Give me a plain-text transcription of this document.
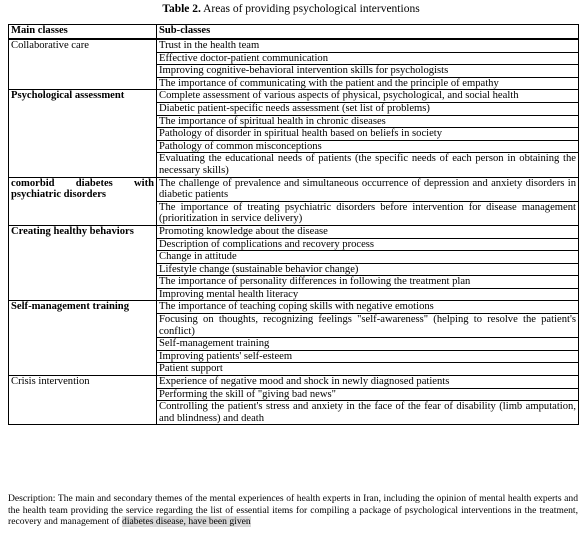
Table 2. Areas of providing psychological interventions
Main classes	Sub-classes
Collaborative care	Trust in the health team
	Effective doctor-patient communication
	Improving cognitive-behavioral intervention skills for psychologists
	The importance of communicating with the patient and the principle of empathy
Psychological assessment	Complete assessment of various aspects of physical, psychological, and social health
	Diabetic patient-specific needs assessment (set list of problems)
	The importance of spiritual health in chronic diseases
	Pathology of disorder in spiritual health based on beliefs in society
	Pathology of common misconceptions
	Evaluating the educational needs of patients (the specific needs of each person in obtaining the necessary skills)
comorbid diabetes with psychiatric disorders	The challenge of prevalence and simultaneous occurrence of depression and anxiety disorders in diabetic patients
	The importance of treating psychiatric disorders before intervention for disease management (prioritization in service delivery)
Creating healthy behaviors	Promoting knowledge about the disease
	Description of complications and recovery process
	Change in attitude
	Lifestyle change (sustainable behavior change)
	The importance of personality differences in following the treatment plan
	Improving mental health literacy
Self-management training	The importance of teaching coping skills with negative emotions
	Focusing on thoughts, recognizing feelings "self-awareness" (helping to resolve the patient's conflict)
	Self-management training
	Improving patients' self-esteem
	Patient support
Crisis intervention	Experience of negative mood and shock in newly diagnosed patients
	Performing the skill of "giving bad news"
	Controlling the patient's stress and anxiety in the face of the fear of disability (limb amputation, and blindness) and death
Description: The main and secondary themes of the mental experiences of health experts in Iran, including the opinion of mental health experts and the health team providing the service regarding the list of essential items for compiling a package of psychological interventions in the treatment, recovery and management of diabetes disease, have been given
